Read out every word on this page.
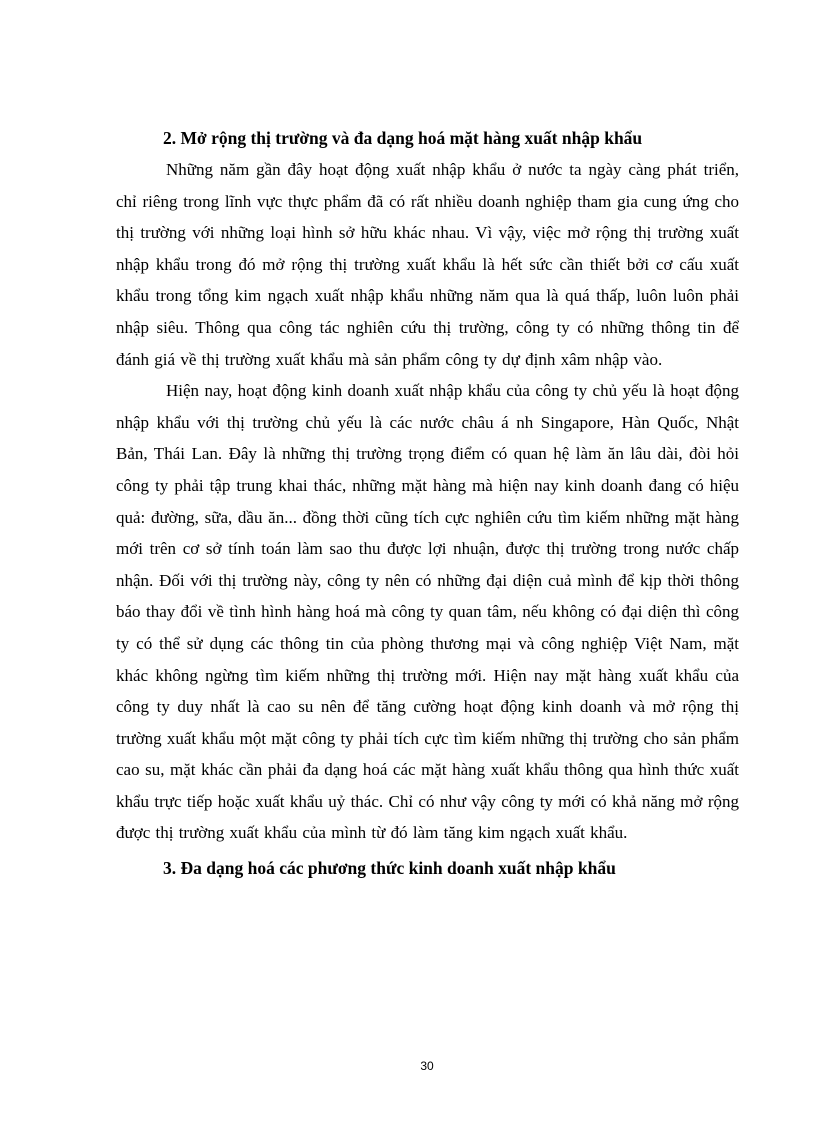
2. Mở rộng thị trường và đa dạng hoá mặt hàng xuất nhập khẩu

Những năm gần đây hoạt động xuất nhập khẩu ở nước ta ngày càng phát triển, chỉ riêng trong lĩnh vực thực phẩm đã có rất nhiều doanh nghiệp tham gia cung ứng cho thị trường với những loại hình sở hữu khác nhau. Vì vậy, việc mở rộng thị trường xuất nhập khẩu trong đó mở rộng thị trường xuất khẩu là hết sức cần thiết bởi cơ cấu xuất khẩu trong tổng kim ngạch xuất nhập khẩu những năm qua là quá thấp, luôn luôn phải nhập siêu. Thông qua công tác nghiên cứu thị trường, công ty có những thông tin để đánh giá về thị trường xuất khẩu mà sản phẩm công ty dự định xâm nhập vào.

Hiện nay, hoạt động kinh doanh xuất nhập khẩu của công ty chủ yếu là hoạt động nhập khẩu với thị trường chủ yếu là các nước châu á nh Singapore, Hàn Quốc, Nhật Bản, Thái Lan. Đây là những thị trường trọng điểm có quan hệ làm ăn lâu dài, đòi hỏi công ty phải tập trung khai thác, những mặt hàng mà hiện nay kinh doanh đang có hiệu quả: đường, sữa, dầu ăn... đồng thời cũng tích cực nghiên cứu tìm kiếm những mặt hàng mới trên cơ sở tính toán làm sao thu được lợi nhuận, được thị trường trong nước chấp nhận. Đối với thị trường này, công ty nên có những đại diện cuả mình để kịp thời thông báo thay đổi về tình hình hàng hoá mà công ty quan tâm, nếu không có đại diện thì công ty có thể sử dụng các thông tin của phòng thương mại và công nghiệp Việt Nam, mặt khác không ngừng tìm kiếm những thị trường mới. Hiện nay mặt hàng xuất khẩu của công ty duy nhất là cao su nên để tăng cường hoạt động kinh doanh và mở rộng thị trường xuất khẩu một mặt công ty phải tích cực tìm kiếm những thị trường cho sản phẩm cao su, mặt khác cần phải đa dạng hoá các mặt hàng xuất khẩu thông qua hình thức xuất khẩu trực tiếp hoặc xuất khẩu uỷ thác. Chỉ có như vậy công ty mới có khả năng mở rộng được thị trường xuất khẩu của mình từ đó làm tăng kim ngạch xuất khẩu.

3. Đa dạng hoá các phương thức kinh doanh xuất nhập khẩu
30
